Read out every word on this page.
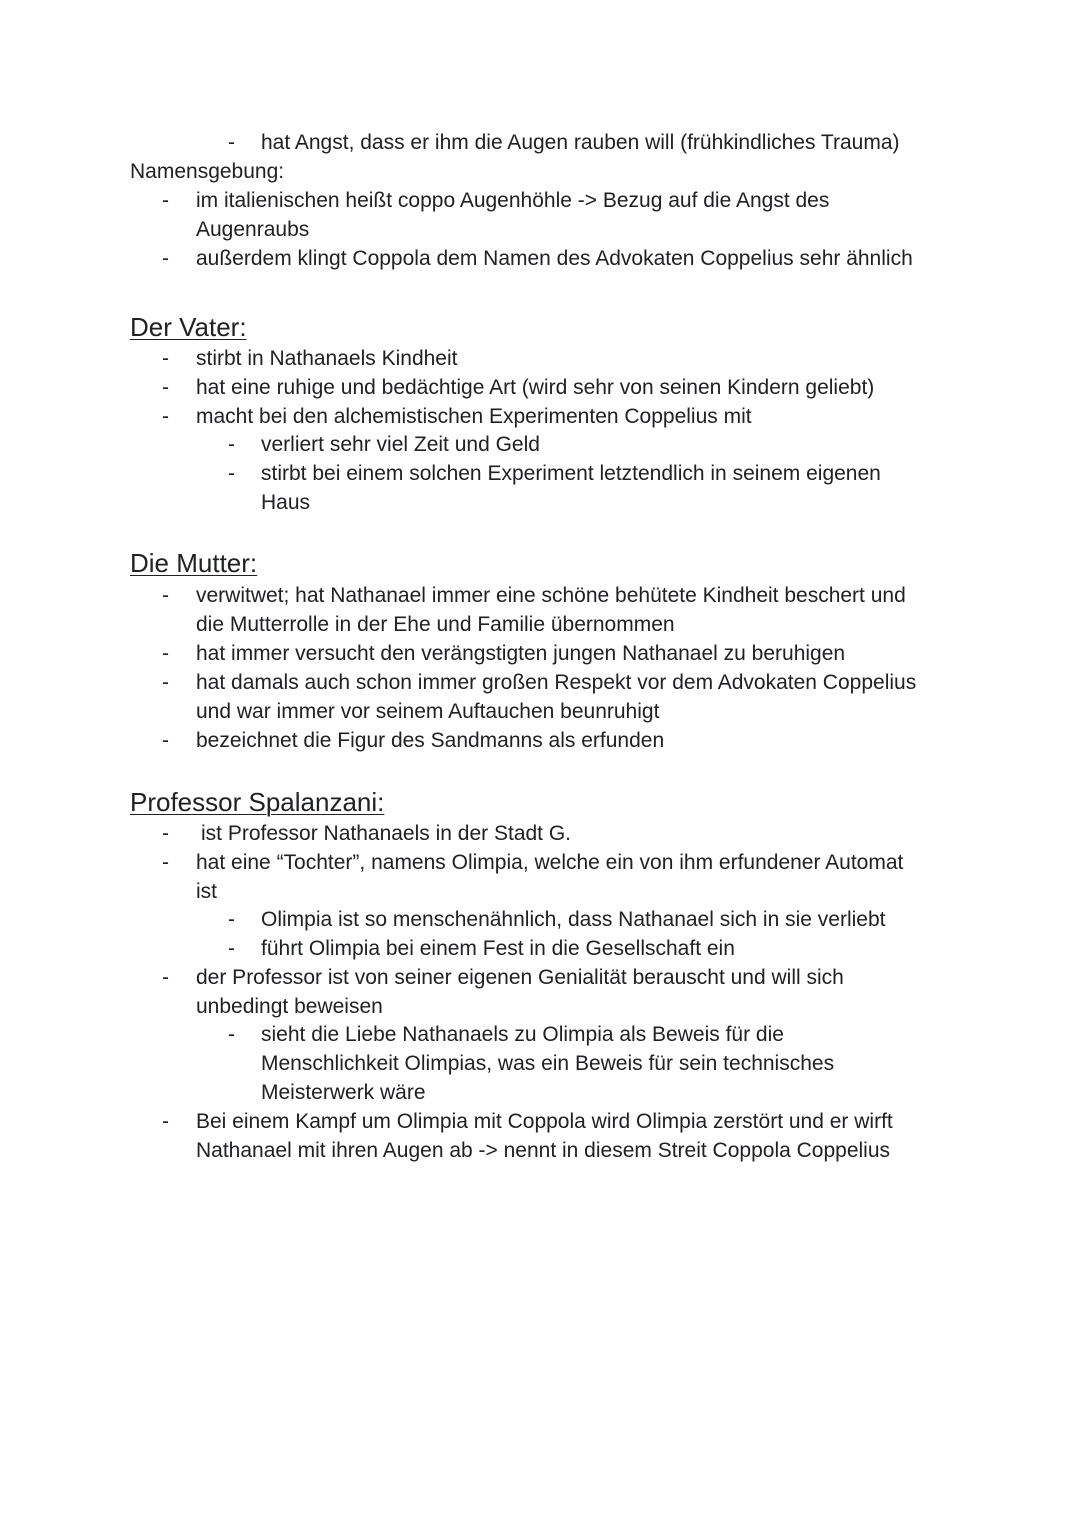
- hat Angst, dass er ihm die Augen rauben will (frühkindliches Trauma)
Namensgebung:
- im italienischen heißt coppo Augenhöhle -> Bezug auf die Angst des
Augenraubs
- außerdem klingt Coppola dem Namen des Advokaten Coppelius sehr ähnlich
Der Vater:
- stirbt in Nathanaels Kindheit
- hat eine ruhige und bedächtige Art (wird sehr von seinen Kindern geliebt)
- macht bei den alchemistischen Experimenten Coppelius mit
- verliert sehr viel Zeit und Geld
- stirbt bei einem solchen Experiment letztendlich in seinem eigenen
Haus
Die Mutter:
- verwitwet; hat Nathanael immer eine schöne behütete Kindheit beschert und
die Mutterrolle in der Ehe und Familie übernommen
- hat immer versucht den verängstigten jungen Nathanael zu beruhigen
- hat damals auch schon immer großen Respekt vor dem Advokaten Coppelius
und war immer vor seinem Auftauchen beunruhigt
- bezeichnet die Figur des Sandmanns als erfunden
Professor Spalanzani:
- ist Professor Nathanaels in der Stadt G.
- hat eine “Tochter”, namens Olimpia, welche ein von ihm erfundener Automat
ist
- Olimpia ist so menschenähnlich, dass Nathanael sich in sie verliebt
- führt Olimpia bei einem Fest in die Gesellschaft ein
- der Professor ist von seiner eigenen Genialität berauscht und will sich
unbedingt beweisen
- sieht die Liebe Nathanaels zu Olimpia als Beweis für die
Menschlichkeit Olimpias, was ein Beweis für sein technisches
Meisterwerk wäre
- Bei einem Kampf um Olimpia mit Coppola wird Olimpia zerstört und er wirft
Nathanael mit ihren Augen ab -> nennt in diesem Streit Coppola Coppelius
